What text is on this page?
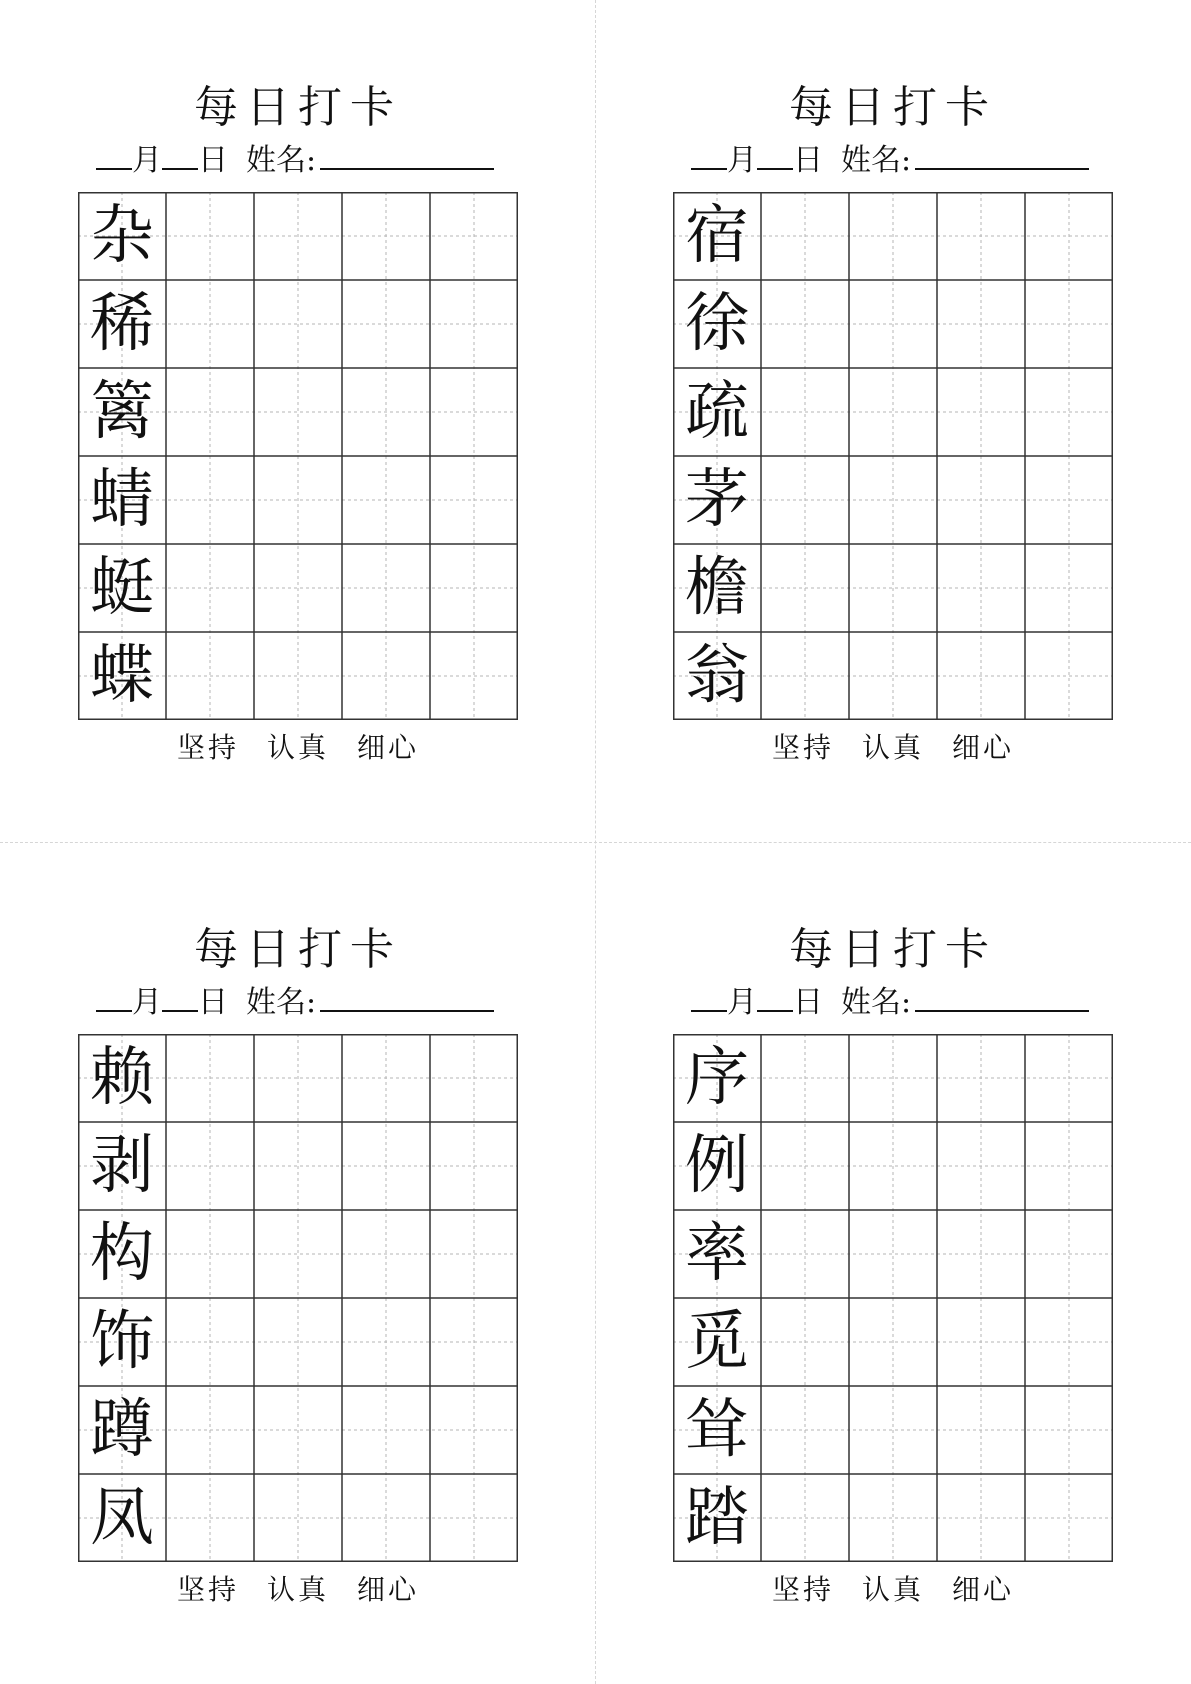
每日打卡
月 日 姓名:
杂
稀
篱
蜻
蜓
蝶
坚持 认真 细心
每日打卡
月 日 姓名:
宿
徐
疏
茅
檐
翁
坚持 认真 细心
每日打卡
月 日 姓名:
赖
剥
构
饰
蹲
凤
坚持 认真 细心
每日打卡
月 日 姓名:
序
例
率
觅
耸
踏
坚持 认真 细心
